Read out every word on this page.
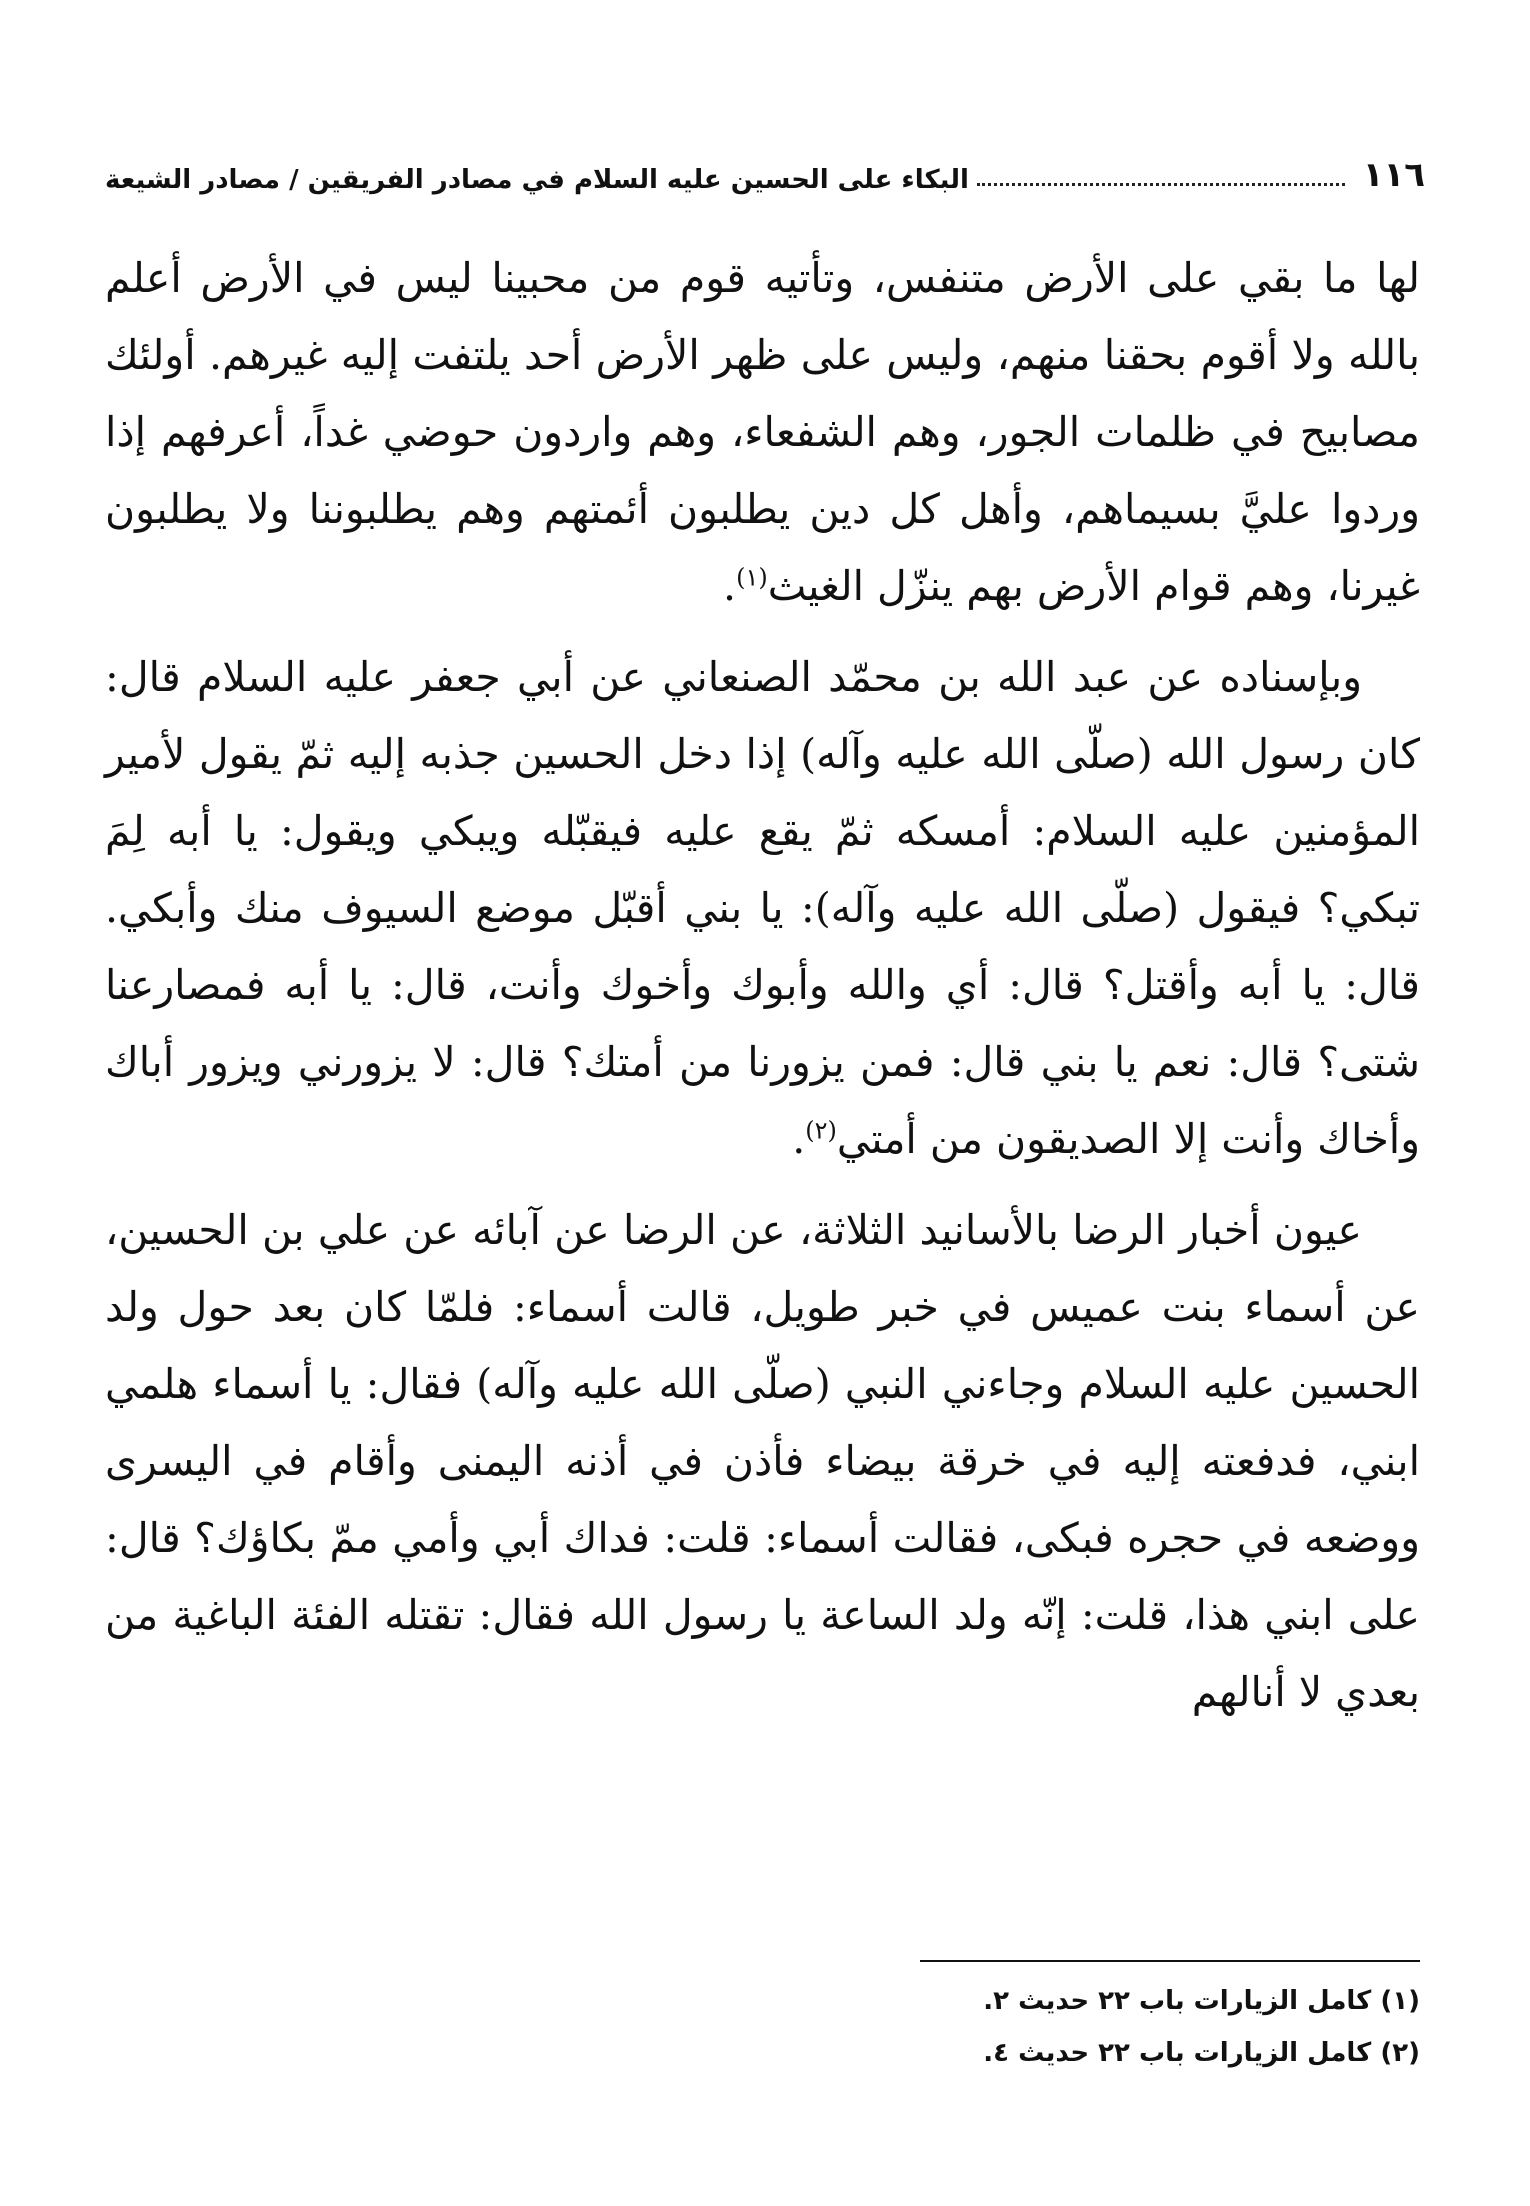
١١٦
البكاء على الحسين عليه السلام في مصادر الفريقين / مصادر الشيعة

لها ما بقي على الأرض متنفس، وتأتيه قوم من محبينا ليس في الأرض أعلم بالله ولا أقوم بحقنا منهم، وليس على ظهر الأرض أحد يلتفت إليه غيرهم. أولئك مصابيح في ظلمات الجور، وهم الشفعاء، وهم واردون حوضي غداً، أعرفهم إذا وردوا عليَّ بسيماهم، وأهل كل دين يطلبون أئمتهم وهم يطلبوننا ولا يطلبون غيرنا، وهم قوام الأرض بهم ينزّل الغيث$^{(١)}$.

وبإسناده عن عبد الله بن محمّد الصنعاني عن أبي جعفر عليه السلام قال: كان رسول الله (صلّى الله عليه وآله) إذا دخل الحسين جذبه إليه ثمّ يقول لأمير المؤمنين عليه السلام: أمسكه ثمّ يقع عليه فيقبّله ويبكي ويقول: يا أبه لِمَ تبكي؟ فيقول (صلّى الله عليه وآله): يا بني أقبّل موضع السيوف منك وأبكي. قال: يا أبه وأقتل؟ قال: أي والله وأبوك وأخوك وأنت، قال: يا أبه فمصارعنا شتى؟ قال: نعم يا بني قال: فمن يزورنا من أمتك؟ قال: لا يزورني ويزور أباك وأخاك وأنت إلا الصديقون من أمتي$^{(٢)}$.

عيون أخبار الرضا بالأسانيد الثلاثة، عن الرضا عن آبائه عن علي بن الحسين، عن أسماء بنت عميس في خبر طويل، قالت أسماء: فلمّا كان بعد حول ولد الحسين عليه السلام وجاءني النبي (صلّى الله عليه وآله) فقال: يا أسماء هلمي ابني، فدفعته إليه في خرقة بيضاء فأذن في أذنه اليمنى وأقام في اليسرى ووضعه في حجره فبكى، فقالت أسماء: قلت: فداك أبي وأمي ممّ بكاؤك؟ قال: على ابني هذا، قلت: إنّه ولد الساعة يا رسول الله فقال: تقتله الفئة الباغية من بعدي لا أنالهم

(١) كامل الزيارات باب ٢٢ حديث ٢.

(٢) كامل الزيارات باب ٢٢ حديث ٤.
